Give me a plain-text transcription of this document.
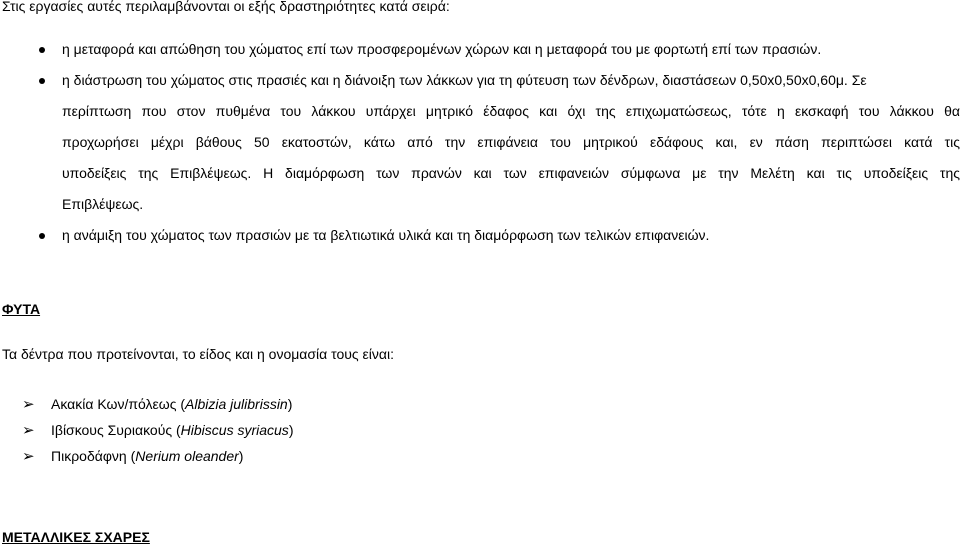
Στις εργασίες αυτές περιλαμβάνονται οι εξής δραστηριότητες κατά σειρά:
η μεταφορά και απώθηση του χώματος επί των προσφερομένων χώρων και η μεταφορά του με φορτωτή επί των πρασιών.
η διάστρωση του χώματος στις πρασιές και η διάνοιξη των λάκκων για τη φύτευση των δένδρων, διαστάσεων 0,50x0,50x0,60μ. Σε
περίπτωση που στον πυθμένα του λάκκου υπάρχει μητρικό έδαφος και όχι της επιχωματώσεως, τότε η εκσκαφή του λάκκου θα
προχωρήσει μέχρι βάθους 50 εκατοστών, κάτω από την επιφάνεια του μητρικού εδάφους και, εν πάση περιπτώσει κατά τις
υποδείξεις της Επιβλέψεως. Η διαμόρφωση των πρανών και των επιφανειών σύμφωνα με την Μελέτη και τις υποδείξεις της
Επιβλέψεως.
η ανάμιξη του χώματος των πρασιών με τα βελτιωτικά υλικά και τη διαμόρφωση των τελικών επιφανειών.
ΦΥΤΑ
Τα δέντρα που προτείνονται, το είδος και η ονομασία τους είναι:
➢ Ακακία Κων/πόλεως (Albizia julibrissin)
➢ Ιβίσκους Συριακούς (Hibiscus syriacus)
➢ Πικροδάφνη (Nerium oleander)
ΜΕΤΑΛΛΙΚΕΣ ΣΧΑΡΕΣ
